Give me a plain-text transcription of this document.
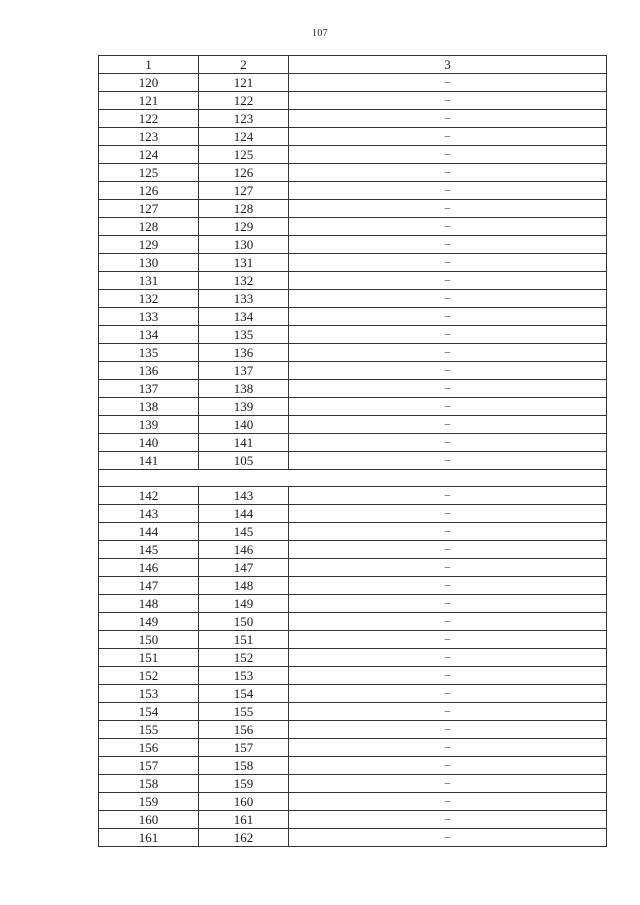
107
1	2	3
120	121	–
121	122	–
122	123	–
123	124	–
124	125	–
125	126	–
126	127	–
127	128	–
128	129	–
129	130	–
130	131	–
131	132	–
132	133	–
133	134	–
134	135	–
135	136	–
136	137	–
137	138	–
138	139	–
139	140	–
140	141	–
141	105	–

142	143	–
143	144	–
144	145	–
145	146	–
146	147	–
147	148	–
148	149	–
149	150	–
150	151	–
151	152	–
152	153	–
153	154	–
154	155	–
155	156	–
156	157	–
157	158	–
158	159	–
159	160	–
160	161	–
161	162	–
